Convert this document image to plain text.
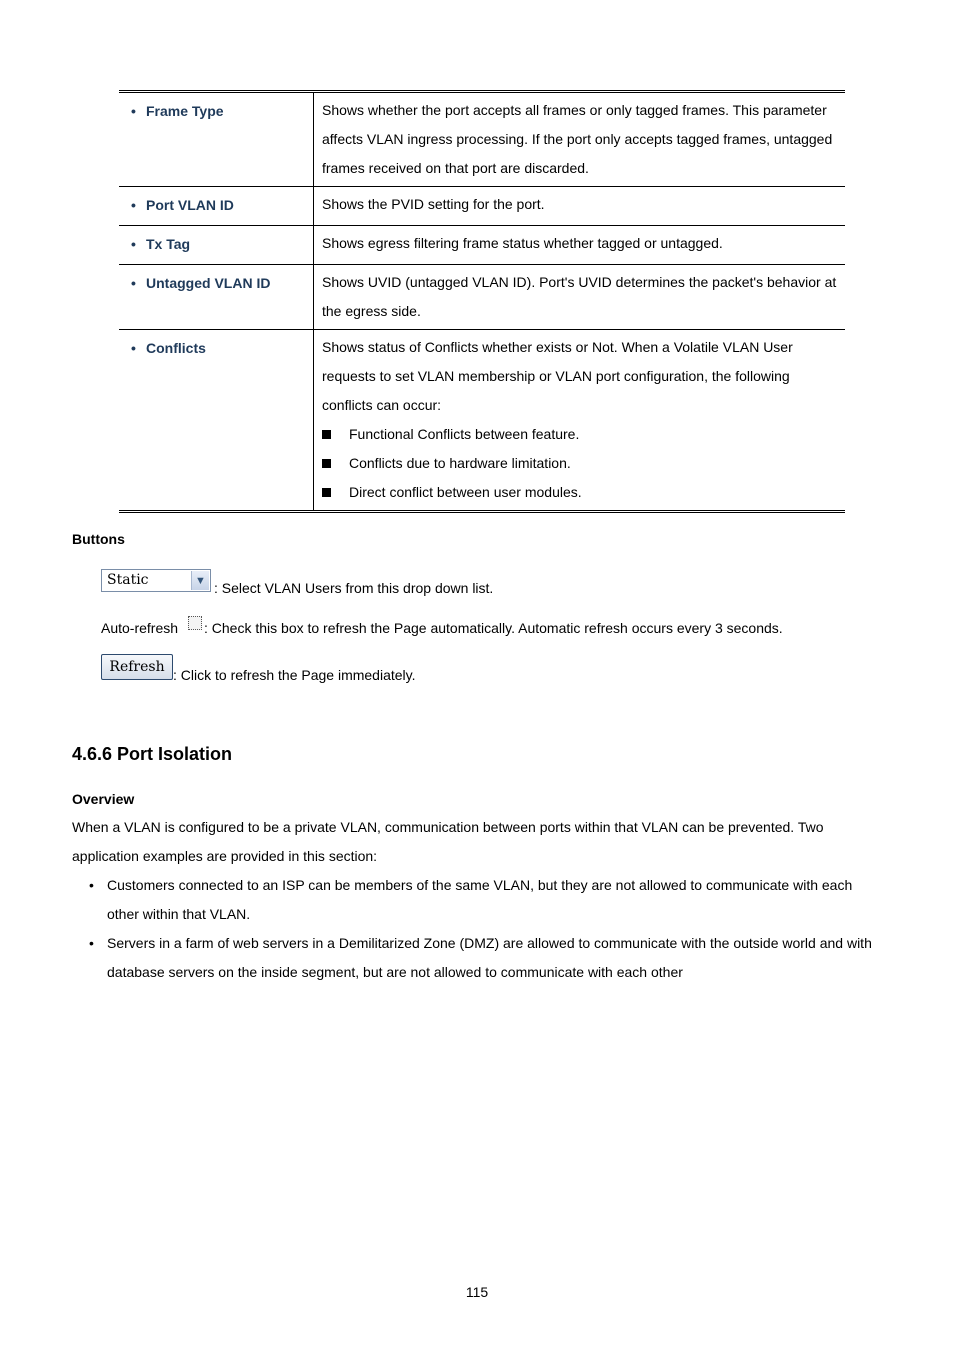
• Frame Type	Shows whether the port accepts all frames or only tagged frames. This parameter affects VLAN ingress processing. If the port only accepts tagged frames, untagged frames received on that port are discarded.

• Port VLAN ID	Shows the PVID setting for the port.

• Tx Tag	Shows egress filtering frame status whether tagged or untagged.

• Untagged VLAN ID	Shows UVID (untagged VLAN ID). Port's UVID determines the packet's behavior at the egress side.

• Conflicts	Shows status of Conflicts whether exists or Not. When a Volatile VLAN User requests to set VLAN membership or VLAN port configuration, the following conflicts can occur:
Functional Conflicts between feature.
Conflicts due to hardware limitation.
Direct conflict between user modules.
Buttons
Static	▼ : Select VLAN Users from this drop down list.
Auto-refresh : Check this box to refresh the Page automatically. Automatic refresh occurs every 3 seconds.
Refresh : Click to refresh the Page immediately.
4.6.6 Port Isolation
Overview
When a VLAN is configured to be a private VLAN, communication between ports within that VLAN can be prevented. Two application examples are provided in this section:
• Customers connected to an ISP can be members of the same VLAN, but they are not allowed to communicate with each other within that VLAN.
• Servers in a farm of web servers in a Demilitarized Zone (DMZ) are allowed to communicate with the outside world and with database servers on the inside segment, but are not allowed to communicate with each other
115
